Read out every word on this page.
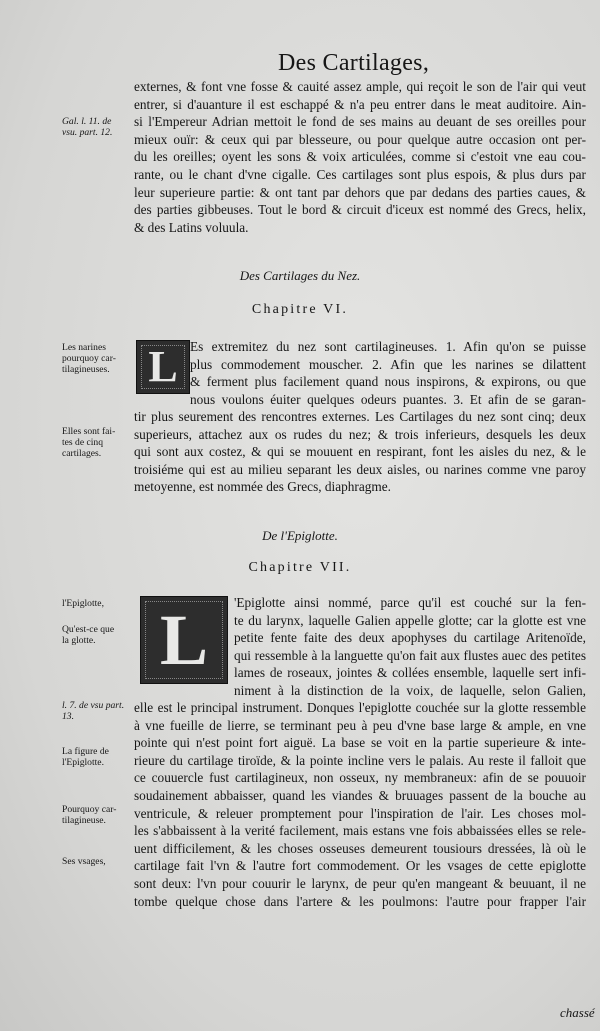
Des Cartilages,
externes, & font vne fosse & cauité assez ample, qui reçoit le son de l'air qui veut
entrer, si d'auanture il est eschappé & n'a peu entrer dans le meat auditoire. Ain-
si l'Empereur Adrian mettoit le fond de ses mains au deuant de ses oreilles pour
mieux ouïr: & ceux qui par blesseure, ou pour quelque autre occasion ont per-
du les oreilles; oyent les sons & voix articulées, comme si c'estoit vne eau cou-
rante, ou le chant d'vne cigalle. Ces cartilages sont plus espois, & plus durs par
leur superieure partie: & ont tant par dehors que par dedans des parties caues, &
des parties gibbeuses. Tout le bord & circuit d'iceux est nommé des Grecs, helix,
& des Latins voluula.
Gal. l. 11. de
vsu. part. 12.
Des Cartilages du Nez.
Chapitre VI.
L Es extremitez du nez sont cartilagineuses. 1. Afin qu'on se puisse
plus commodement mouscher. 2. Afin que les narines se dilattent
& ferment plus facilement quand nous inspirons, & expirons, ou que
nous voulons éuiter quelques odeurs puantes. 3. Et afin de se garan-
tir plus seurement des rencontres externes. Les Cartilages du nez sont cinq; deux
superieurs, attachez aux os rudes du nez; & trois inferieurs, desquels les deux
qui sont aux costez, & qui se mouuent en respirant, font les aisles du nez, & le
troisiéme qui est au milieu separant les deux aisles, ou narines comme vne paroy
metoyenne, est nommée des Grecs, diaphragme.
Les narines
pourquoy car-
tilagineuses.
Elles sont fai-
tes de cinq
cartilages.
De l'Epiglotte.
Chapitre VII.
L 'Epiglotte ainsi nommé, parce qu'il est couché sur la fen-
te du larynx, laquelle Galien appelle glotte; car la glotte est vne
petite fente faite des deux apophyses du cartilage Aritenoïde,
qui ressemble à la languette qu'on fait aux flustes auec des petites
lames de roseaux, jointes & collées ensemble, laquelle sert infi-
niment à la distinction de la voix, de laquelle, selon Galien,
elle est le principal instrument. Donques l'epiglotte couchée sur la glotte ressemble
à vne fueille de lierre, se terminant peu à peu d'vne base large & ample, en vne
pointe qui n'est point fort aiguë. La base se voit en la partie superieure & inte-
rieure du cartilage tiroïde, & la pointe incline vers le palais. Au reste il falloit que
ce couuercle fust cartilagineux, non osseux, ny membraneux: afin de se pouuoir
soudainement abbaisser, quand les viandes & bruuages passent de la bouche au
ventricule, & releuer promptement pour l'inspiration de l'air. Les choses mol-
les s'abbaissent à la verité facilement, mais estans vne fois abbaissées elles se rele-
uent difficilement, & les choses osseuses demeurent tousiours dressées, là où le
cartilage fait l'vn & l'autre fort commodement. Or les vsages de cette epiglotte
sont deux: l'vn pour couurir le larynx, de peur qu'en mangeant & beuuant, il ne
tombe quelque chose dans l'artere & les poulmons: l'autre pour frapper l'air
l'Epiglotte,
Qu'est-ce que
la glotte.
l. 7. de vsu part.
13.
La figure de
l'Epiglotte.
Pourquoy car-
tilagineuse.
Ses vsages,

chassé
